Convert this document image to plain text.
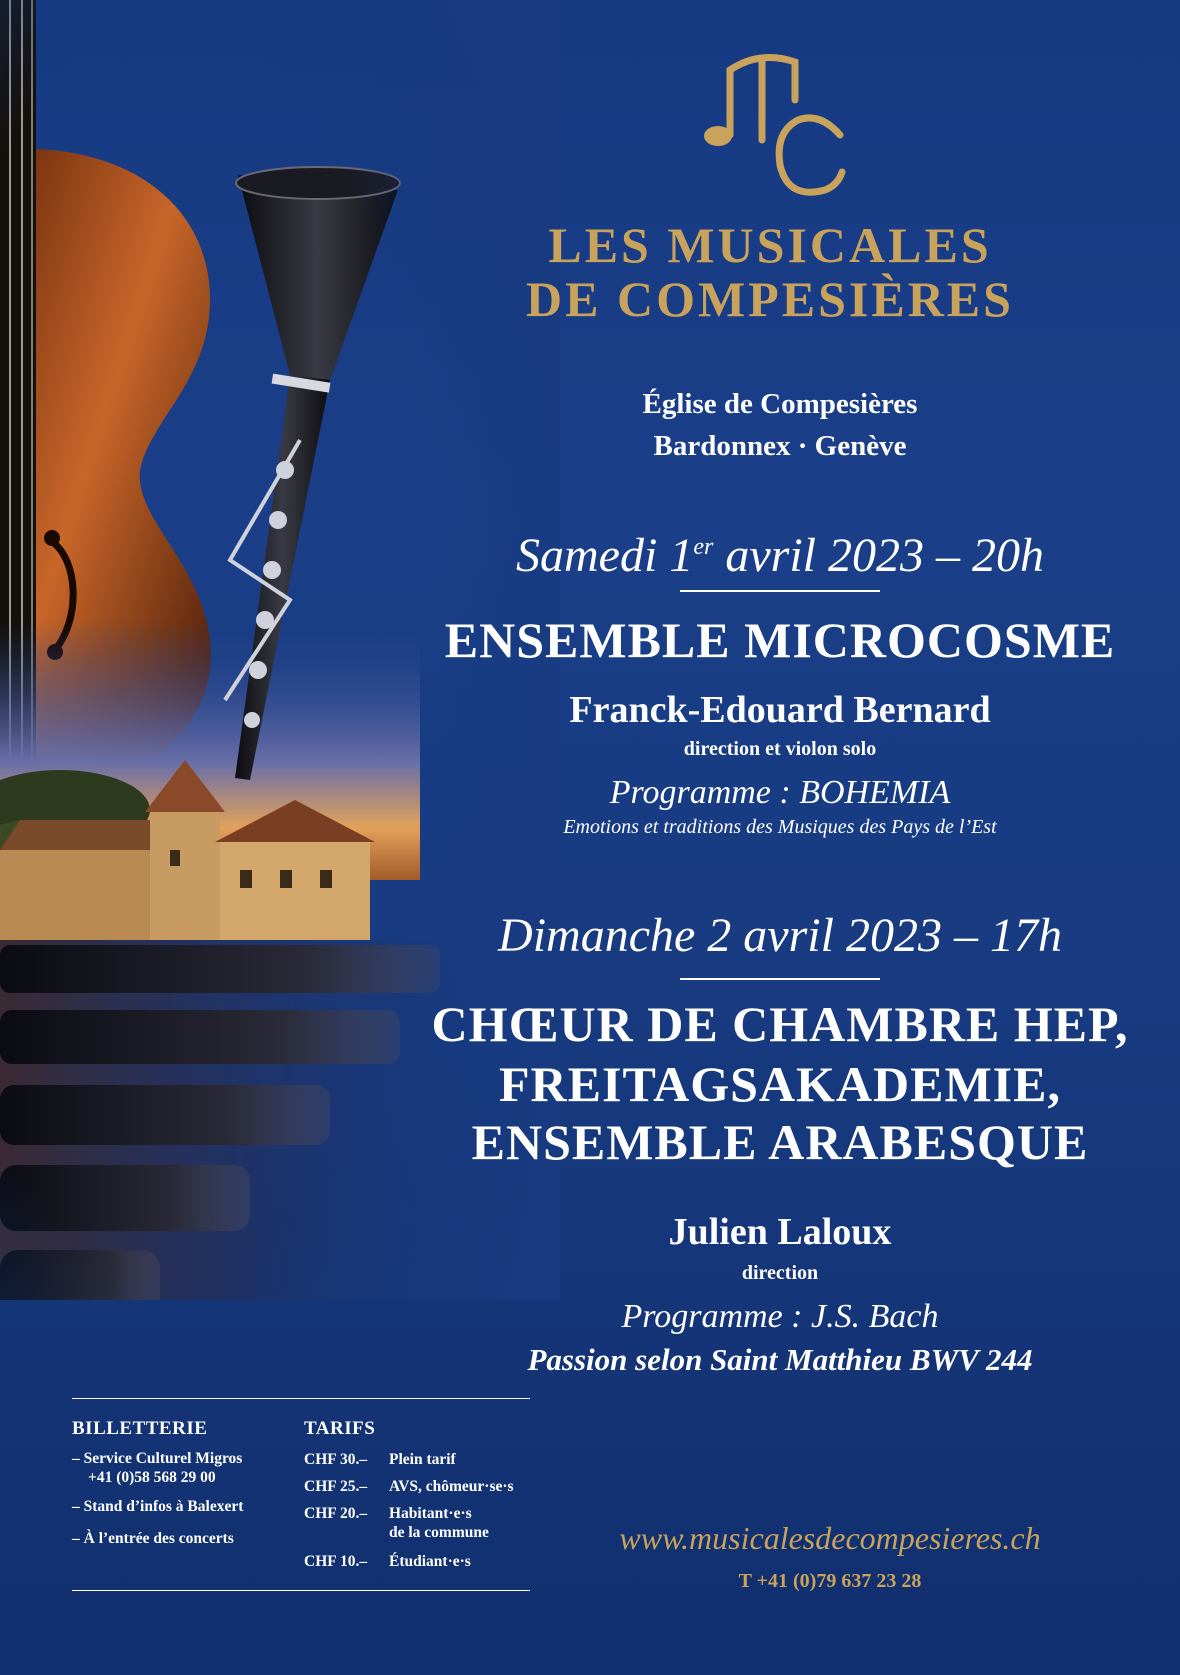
LES MUSICALES
DE COMPESIÈRES
Église de Compesières
Bardonnex · Genève
Samedi 1er avril 2023 – 20h
ENSEMBLE MICROCOSME
Franck-Edouard Bernard
direction et violon solo
Programme : BOHEMIA
Emotions et traditions des Musiques des Pays de l’Est
Dimanche 2 avril 2023 – 17h
CHŒUR DE CHAMBRE HEP,
FREITAGSAKADEMIE,
ENSEMBLE ARABESQUE
Julien Laloux
direction
Programme : J.S. Bach
Passion selon Saint Matthieu BWV 244
BILLETTERIE
– Service Culturel Migros
+41 (0)58 568 29 00
– Stand d’infos à Balexert
– À l’entrée des concerts
TARIFS
CHF 30.– Plein tarif
CHF 25.– AVS, chômeur·se·s
CHF 20.– Habitant·e·s
de la commune
CHF 10.– Étudiant·e·s
www.musicalesdecompesieres.ch
T +41 (0)79 637 23 28
